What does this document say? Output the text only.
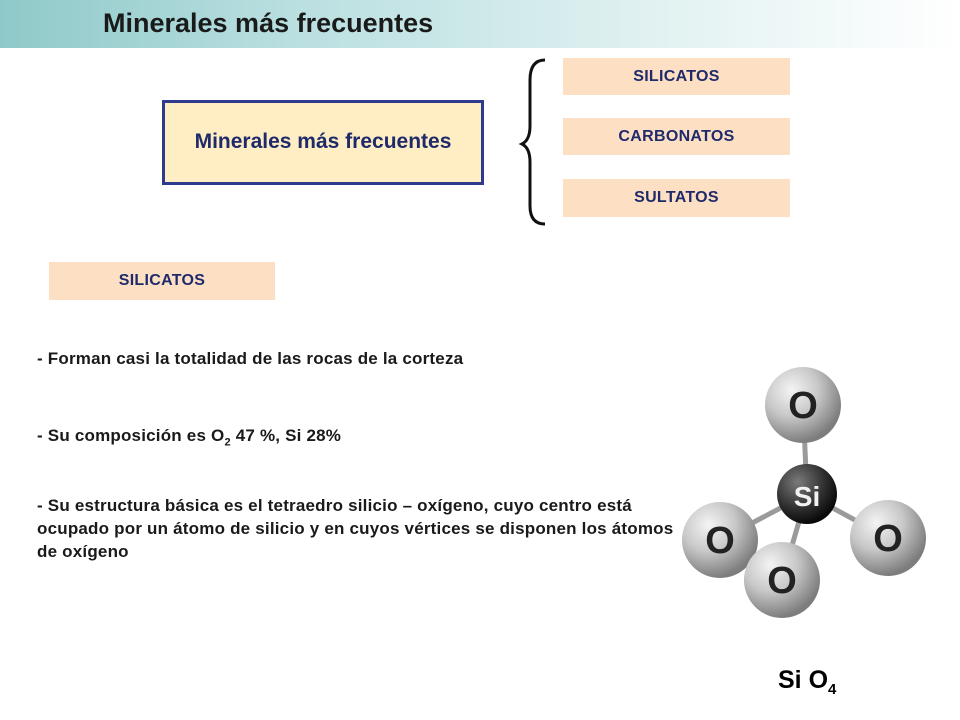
Minerales más frecuentes
Minerales más frecuentes
O
O	O
Si
O
SILICATOS
CARBONATOS
SULTATOS
SILICATOS
- Forman casi la totalidad de las rocas de la corteza
- Su composición es $O_2$ 47 %, Si 28%
- Su estructura básica es el tetraedro silicio – oxígeno, cuyo centro está ocupado por un átomo de silicio y en cuyos vértices se disponen los átomos de oxígeno
Si $O_4$
